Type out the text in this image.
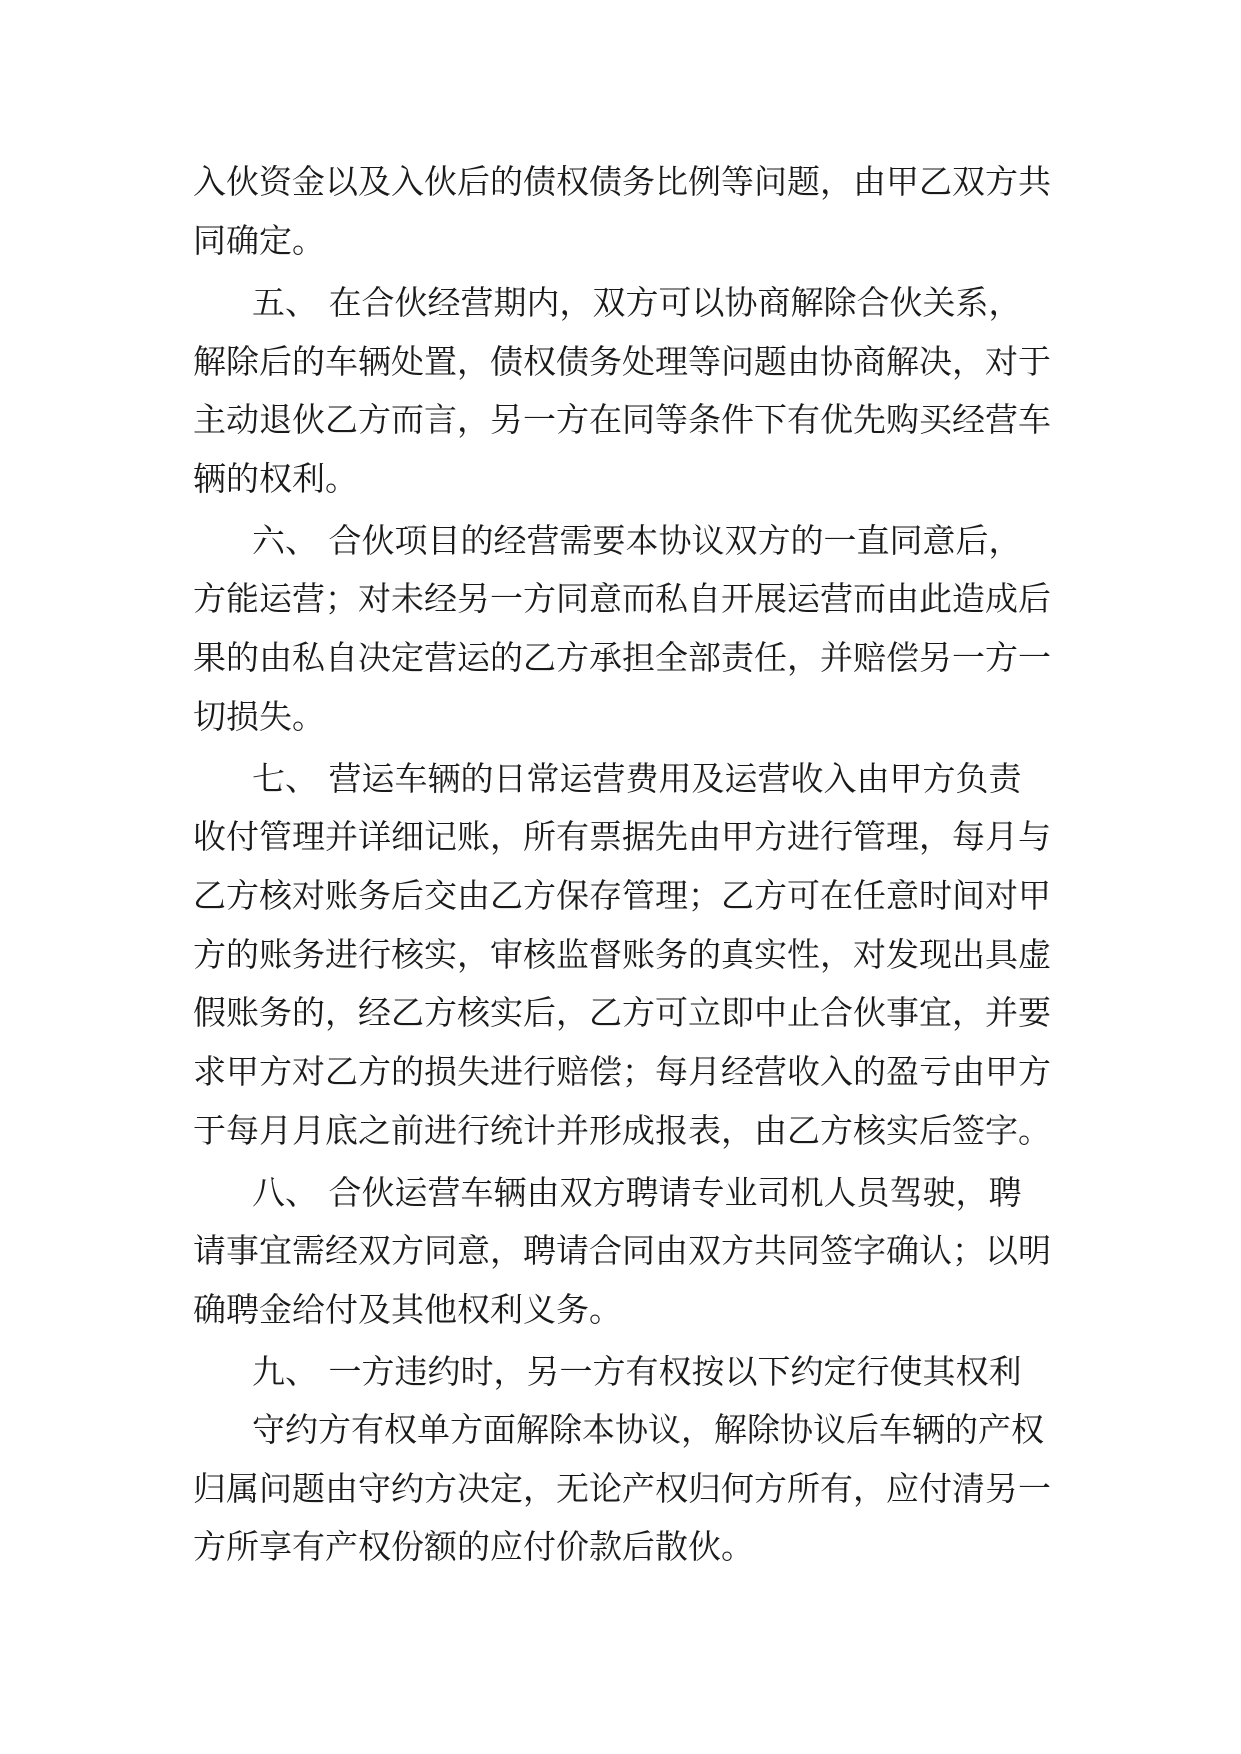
入伙资金以及入伙后的债权债务比例等问题，由甲乙双方共
同确定。
五、 在合伙经营期内，双方可以协商解除合伙关系，
解除后的车辆处置，债权债务处理等问题由协商解决，对于
主动退伙乙方而言，另一方在同等条件下有优先购买经营车
辆的权利。
六、 合伙项目的经营需要本协议双方的一直同意后，
方能运营；对未经另一方同意而私自开展运营而由此造成后
果的由私自决定营运的乙方承担全部责任，并赔偿另一方一
切损失。
七、 营运车辆的日常运营费用及运营收入由甲方负责
收付管理并详细记账，所有票据先由甲方进行管理，每月与
乙方核对账务后交由乙方保存管理；乙方可在任意时间对甲
方的账务进行核实，审核监督账务的真实性，对发现出具虚
假账务的，经乙方核实后，乙方可立即中止合伙事宜，并要
求甲方对乙方的损失进行赔偿；每月经营收入的盈亏由甲方
于每月月底之前进行统计并形成报表，由乙方核实后签字。
八、 合伙运营车辆由双方聘请专业司机人员驾驶，聘
请事宜需经双方同意，聘请合同由双方共同签字确认；以明
确聘金给付及其他权利义务。
九、 一方违约时，另一方有权按以下约定行使其权利
守约方有权单方面解除本协议，解除协议后车辆的产权
归属问题由守约方决定，无论产权归何方所有，应付清另一
方所享有产权份额的应付价款后散伙。
